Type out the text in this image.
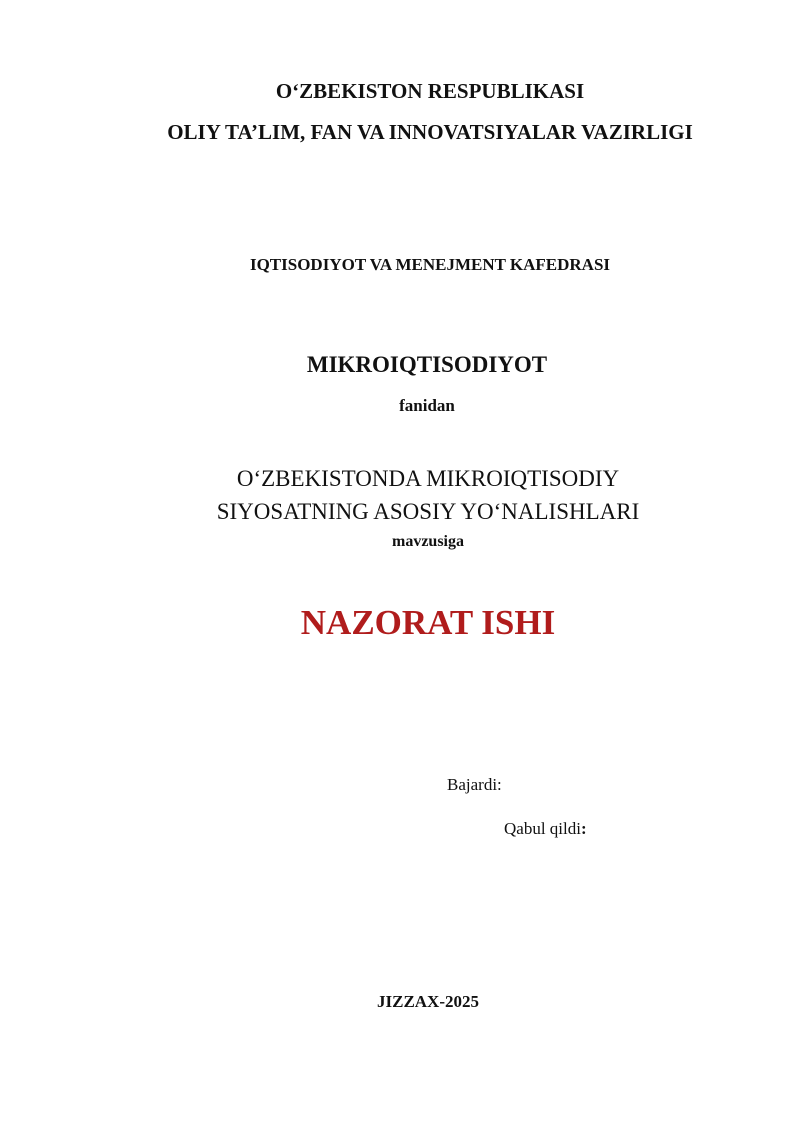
O‘ZBEKISTON RESPUBLIKASI

OLIY TA’LIM, FAN VA INNOVATSIYALAR VAZIRLIGI

IQTISODIYOT VA MENEJMENT KAFEDRASI

MIKROIQTISODIYOT

fanidan

O‘ZBEKISTONDA MIKROIQTISODIY

SIYOSATNING ASOSIY YO‘NALISHLARI

mavzusiga

NAZORAT ISHI

Bajardi:

Qabul qildi:

JIZZAX-2025
